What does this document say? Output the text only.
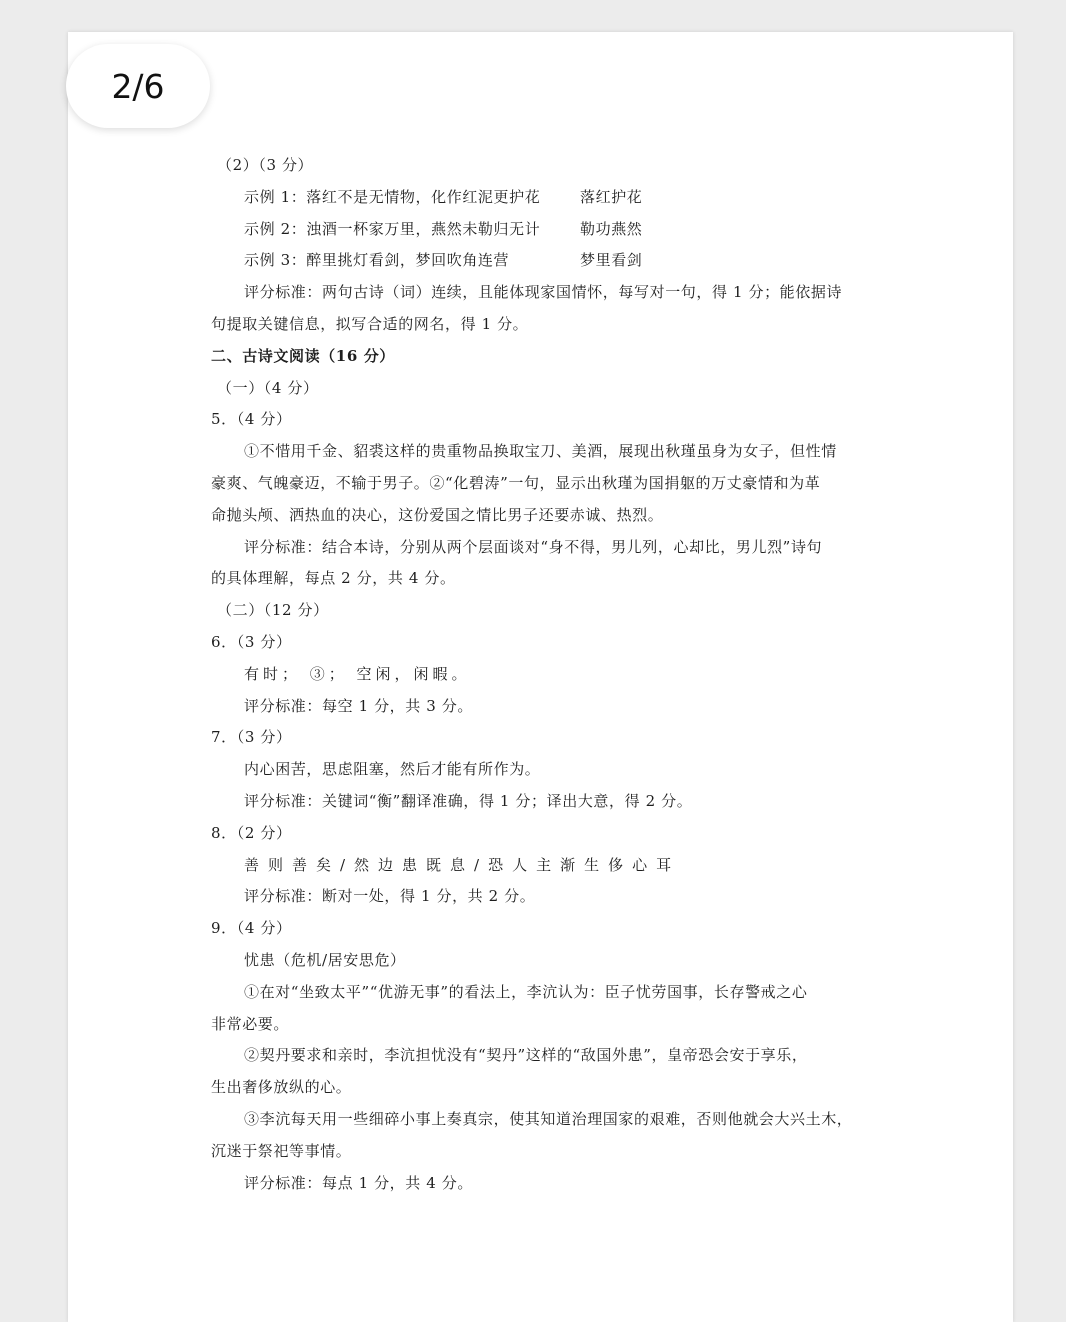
2/6
（2）（3 分）
示例 1：落红不是无情物，化作红泥更护花	落红护花
示例 2：浊酒一杯家万里，燕然未勒归无计	勒功燕然
示例 3：醉里挑灯看剑，梦回吹角连营	梦里看剑
评分标准：两句古诗（词）连续，且能体现家国情怀，每写对一句，得 1 分；能依据诗
句提取关键信息，拟写合适的网名，得 1 分。
二、古诗文阅读（16 分）
（一）（4 分）
5．（4 分）
①不惜用千金、貂裘这样的贵重物品换取宝刀、美酒，展现出秋瑾虽身为女子，但性情
豪爽、气魄豪迈，不输于男子。②“化碧涛”一句，显示出秋瑾为国捐躯的万丈豪情和为革
命抛头颅、洒热血的决心，这份爱国之情比男子还要赤诚、热烈。
评分标准：结合本诗，分别从两个层面谈对“身不得，男儿列，心却比，男儿烈”诗句
的具体理解，每点 2 分，共 4 分。
（二）（12 分）
6．（3 分）
有时； ③； 空闲，闲暇。
评分标准：每空 1 分，共 3 分。
7．（3 分）
内心困苦，思虑阻塞，然后才能有所作为。
评分标准：关键词“衡”翻译准确，得 1 分；译出大意，得 2 分。
8．（2 分）
善则善矣/然边患既息/恐人主渐生侈心耳
评分标准：断对一处，得 1 分，共 2 分。
9．（4 分）
忧患（危机/居安思危）
①在对“坐致太平”“优游无事”的看法上，李沆认为：臣子忧劳国事，长存警戒之心
非常必要。
②契丹要求和亲时，李沆担忧没有“契丹”这样的“敌国外患”，皇帝恐会安于享乐，
生出奢侈放纵的心。
③李沆每天用一些细碎小事上奏真宗，使其知道治理国家的艰难，否则他就会大兴土木，
沉迷于祭祀等事情。
评分标准：每点 1 分，共 4 分。
